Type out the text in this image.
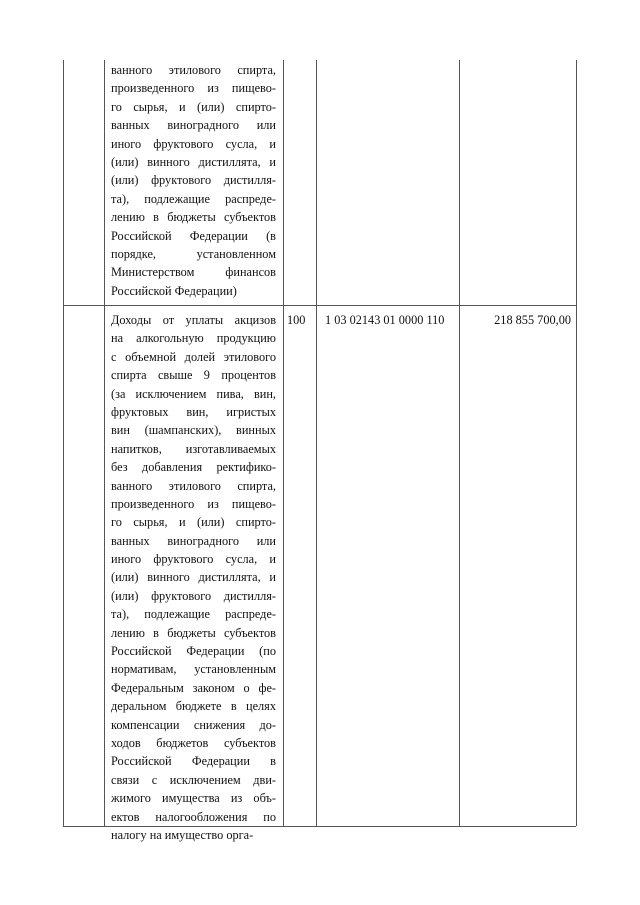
ванного этилового спирта,
произведенного из пищево-
го сырья, и (или) спирто-
ванных виноградного или
иного фруктового сусла, и
(или) винного дистиллята, и
(или) фруктового дистилля-
та), подлежащие распреде-
лению в бюджеты субъектов
Российской Федерации (в
порядке, установленном
Министерством финансов
Российской Федерации)
Доходы от уплаты акцизов
на алкогольную продукцию
с объемной долей этилового
спирта свыше 9 процентов
(за исключением пива, вин,
фруктовых вин, игристых
вин (шампанских), винных
напитков, изготавливаемых
без добавления ректифико-
ванного этилового спирта,
произведенного из пищево-
го сырья, и (или) спирто-
ванных виноградного или
иного фруктового сусла, и
(или) винного дистиллята, и
(или) фруктового дистилля-
та), подлежащие распреде-
лению в бюджеты субъектов
Российской Федерации (по
нормативам, установленным
Федеральным законом о фе-
деральном бюджете в целях
компенсации снижения до-
ходов бюджетов субъектов
Российской Федерации в
связи с исключением дви-
жимого имущества из объ-
ектов налогообложения по
налогу на имущество орга-
100 1 03 02143 01 0000 110	218 855 700,00
